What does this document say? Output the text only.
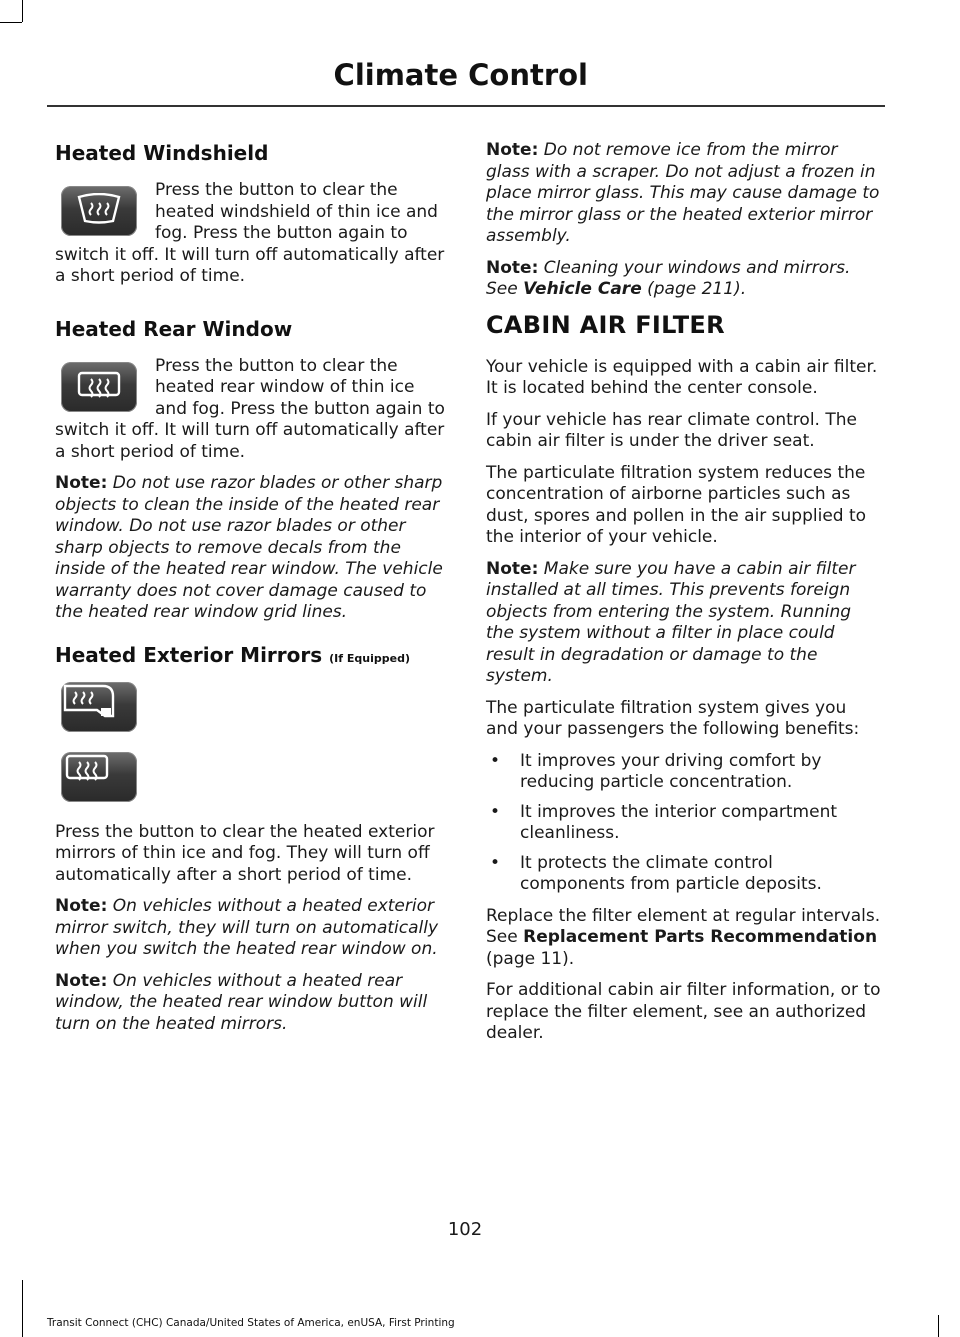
Climate Control
Heated Windshield

Press the button to clear the heated windshield of thin ice and fog. Press the button again to switch it off. It will turn off automatically after a short period of time.

Heated Rear Window

Press the button to clear the heated rear window of thin ice and fog. Press the button again to switch it off. It will turn off automatically after a short period of time.

Note: Do not use razor blades or other sharp objects to clean the inside of the heated rear window. Do not use razor blades or other sharp objects to remove decals from the inside of the heated rear window. The vehicle warranty does not cover damage caused to the heated rear window grid lines.

Heated Exterior Mirrors (If Equipped)

Press the button to clear the heated exterior mirrors of thin ice and fog. They will turn off automatically after a short period of time.

Note: On vehicles without a heated exterior mirror switch, they will turn on automatically when you switch the heated rear window on.

Note: On vehicles without a heated rear window, the heated rear window button will turn on the heated mirrors.

Note: Do not remove ice from the mirror glass with a scraper. Do not adjust a frozen in place mirror glass. This may cause damage to the mirror glass or the heated exterior mirror assembly.

Note: Cleaning your windows and mirrors. See Vehicle Care (page 211).

CABIN AIR FILTER

Your vehicle is equipped with a cabin air filter. It is located behind the center console.

If your vehicle has rear climate control. The cabin air filter is under the driver seat.

The particulate filtration system reduces the concentration of airborne particles such as dust, spores and pollen in the air supplied to the interior of your vehicle.

Note: Make sure you have a cabin air filter installed at all times. This prevents foreign objects from entering the system. Running the system without a filter in place could result in degradation or damage to the system.

The particulate filtration system gives you and your passengers the following benefits:

• It improves your driving comfort by reducing particle concentration.
• It improves the interior compartment cleanliness.
• It protects the climate control components from particle deposits.

Replace the filter element at regular intervals. See Replacement Parts Recommendation (page 11).

For additional cabin air filter information, or to replace the filter element, see an authorized dealer.

102

Transit Connect (CHC) Canada/United States of America, enUSA, First Printing
